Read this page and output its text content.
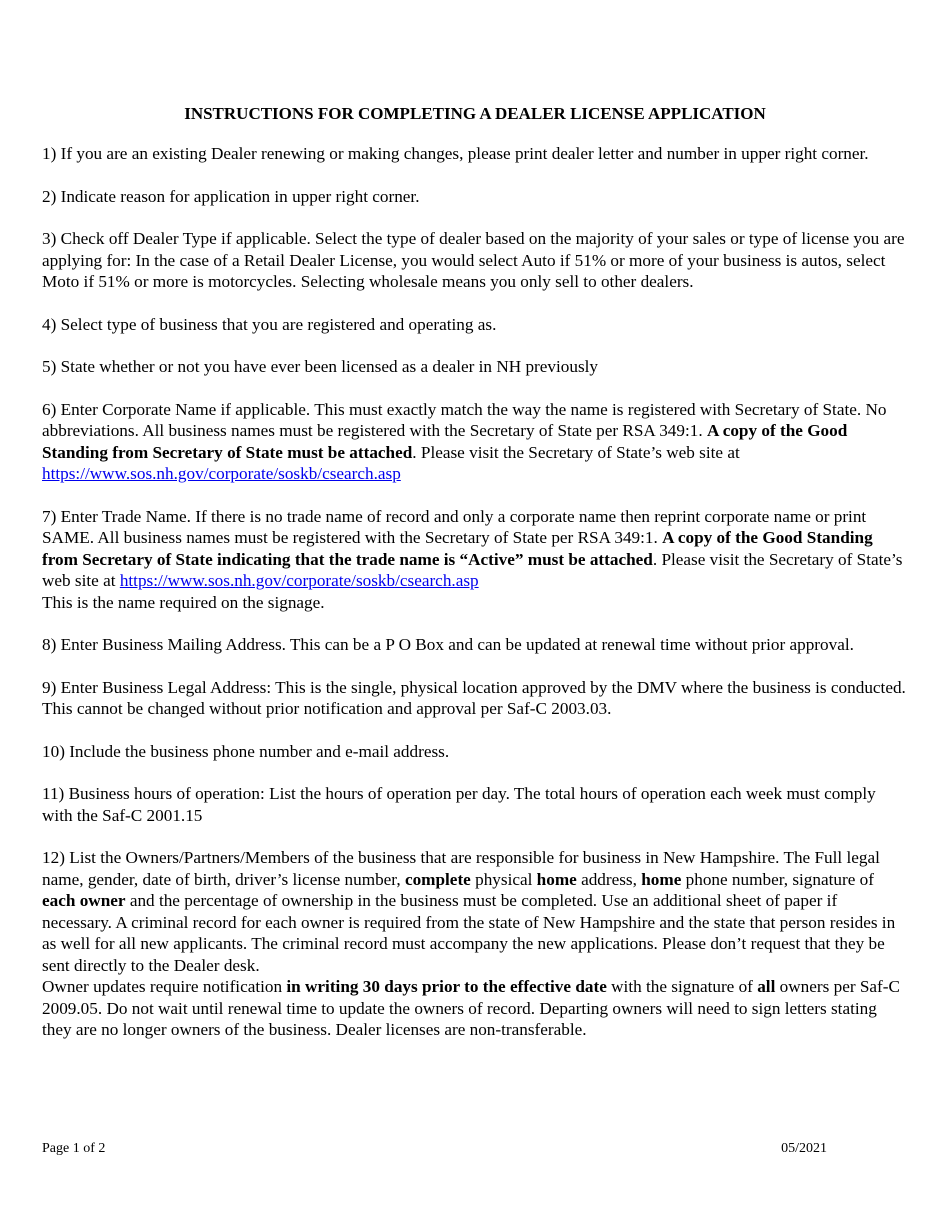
INSTRUCTIONS FOR COMPLETING A DEALER LICENSE APPLICATION

1) If you are an existing Dealer renewing or making changes, please print dealer letter and number in upper right corner.

2) Indicate reason for application in upper right corner.

3) Check off Dealer Type if applicable. Select the type of dealer based on the majority of your sales or type of license you are applying for: In the case of a Retail Dealer License, you would select Auto if 51% or more of your business is autos, select Moto if 51% or more is motorcycles. Selecting wholesale means you only sell to other dealers.

4) Select type of business that you are registered and operating as.

5) State whether or not you have ever been licensed as a dealer in NH previously

6) Enter Corporate Name if applicable. This must exactly match the way the name is registered with Secretary of State. No abbreviations. All business names must be registered with the Secretary of State per RSA 349:1. A copy of the Good Standing from Secretary of State must be attached. Please visit the Secretary of State’s web site at https://www.sos.nh.gov/corporate/soskb/csearch.asp

7) Enter Trade Name. If there is no trade name of record and only a corporate name then reprint corporate name or print SAME. All business names must be registered with the Secretary of State per RSA 349:1. A copy of the Good Standing from Secretary of State indicating that the trade name is “Active” must be attached. Please visit the Secretary of State’s web site at https://www.sos.nh.gov/corporate/soskb/csearch.asp
This is the name required on the signage.

8) Enter Business Mailing Address. This can be a P O Box and can be updated at renewal time without prior approval.

9) Enter Business Legal Address: This is the single, physical location approved by the DMV where the business is conducted. This cannot be changed without prior notification and approval per Saf-C 2003.03.

10) Include the business phone number and e-mail address.

11) Business hours of operation: List the hours of operation per day. The total hours of operation each week must comply with the Saf-C 2001.15

12) List the Owners/Partners/Members of the business that are responsible for business in New Hampshire. The Full legal name, gender, date of birth, driver’s license number, complete physical home address, home phone number, signature of each owner and the percentage of ownership in the business must be completed. Use an additional sheet of paper if necessary. A criminal record for each owner is required from the state of New Hampshire and the state that person resides in as well for all new applicants. The criminal record must accompany the new applications. Please don’t request that they be sent directly to the Dealer desk.
Owner updates require notification in writing 30 days prior to the effective date with the signature of all owners per Saf-C 2009.05. Do not wait until renewal time to update the owners of record. Departing owners will need to sign letters stating they are no longer owners of the business. Dealer licenses are non-transferable.

Page 1 of 2	05/2021
